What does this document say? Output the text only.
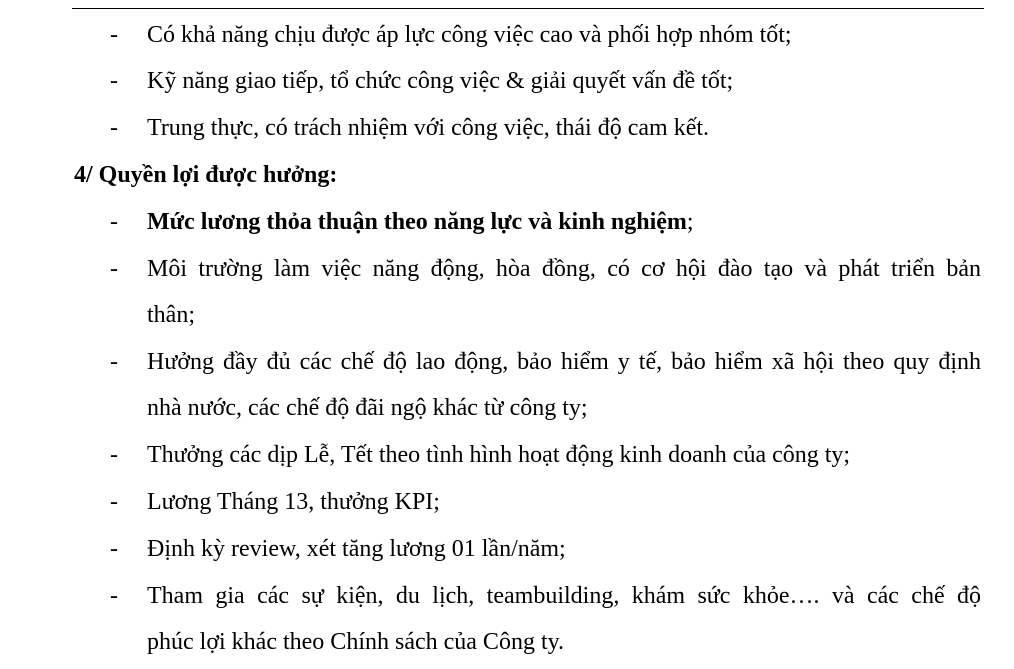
- Có khả năng chịu được áp lực công việc cao và phối hợp nhóm tốt;
- Kỹ năng giao tiếp, tổ chức công việc & giải quyết vấn đề tốt;
- Trung thực, có trách nhiệm với công việc, thái độ cam kết.
4/ Quyền lợi được hưởng:
- Mức lương thỏa thuận theo năng lực và kinh nghiệm;
- Môi trường làm việc năng động, hòa đồng, có cơ hội đào tạo và phát triển bản
thân;
- Hưởng đầy đủ các chế độ lao động, bảo hiểm y tế, bảo hiểm xã hội theo quy định
nhà nước, các chế độ đãi ngộ khác từ công ty;
- Thưởng các dịp Lễ, Tết theo tình hình hoạt động kinh doanh của công ty;
- Lương Tháng 13, thưởng KPI;
- Định kỳ review, xét tăng lương 01 lần/năm;
- Tham gia các sự kiện, du lịch, teambuilding, khám sức khỏe…. và các chế độ
phúc lợi khác theo Chính sách của Công ty.
